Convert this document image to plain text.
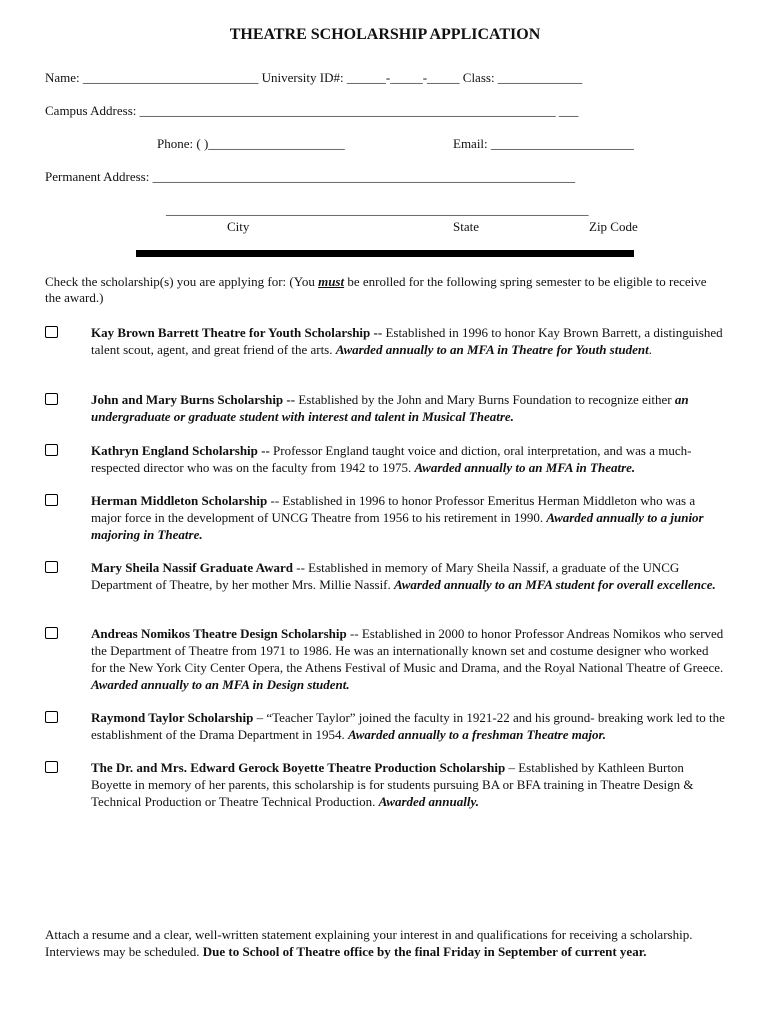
THEATRE SCHOLARSHIP APPLICATION
Name: ___________________________ University ID#: ______-_____-_____ Class: _____________
Campus Address: ________________________________________________________________ ___
Phone: ( )_____________________	Email: ______________________
Permanent Address: _________________________________________________________________
_________________________________________________________________
City	State	Zip Code
Check the scholarship(s) you are applying for: (You must be enrolled for the following spring semester to be eligible to receive the award.)
Kay Brown Barrett Theatre for Youth Scholarship -- Established in 1996 to honor Kay Brown Barrett, a distinguished talent scout, agent, and great friend of the arts. Awarded annually to an MFA in Theatre for Youth student.
John and Mary Burns Scholarship -- Established by the John and Mary Burns Foundation to recognize either an undergraduate or graduate student with interest and talent in Musical Theatre.
Kathryn England Scholarship -- Professor England taught voice and diction, oral interpretation, and was a much-respected director who was on the faculty from 1942 to 1975. Awarded annually to an MFA in Theatre.
Herman Middleton Scholarship -- Established in 1996 to honor Professor Emeritus Herman Middleton who was a major force in the development of UNCG Theatre from 1956 to his retirement in 1990. Awarded annually to a junior majoring in Theatre.
Mary Sheila Nassif Graduate Award -- Established in memory of Mary Sheila Nassif, a graduate of the UNCG Department of Theatre, by her mother Mrs. Millie Nassif. Awarded annually to an MFA student for overall excellence.
Andreas Nomikos Theatre Design Scholarship -- Established in 2000 to honor Professor Andreas Nomikos who served the Department of Theatre from 1971 to 1986. He was an internationally known set and costume designer who worked for the New York City Center Opera, the Athens Festival of Music and Drama, and the Royal National Theatre of Greece. Awarded annually to an MFA in Design student.
Raymond Taylor Scholarship – “Teacher Taylor” joined the faculty in 1921-22 and his ground- breaking work led to the establishment of the Drama Department in 1954. Awarded annually to a freshman Theatre major.
The Dr. and Mrs. Edward Gerock Boyette Theatre Production Scholarship – Established by Kathleen Burton Boyette in memory of her parents, this scholarship is for students pursuing BA or BFA training in Theatre Design & Technical Production or Theatre Technical Production. Awarded annually.
Attach a resume and a clear, well-written statement explaining your interest in and qualifications for receiving a scholarship. Interviews may be scheduled. Due to School of Theatre office by the final Friday in September of current year.
